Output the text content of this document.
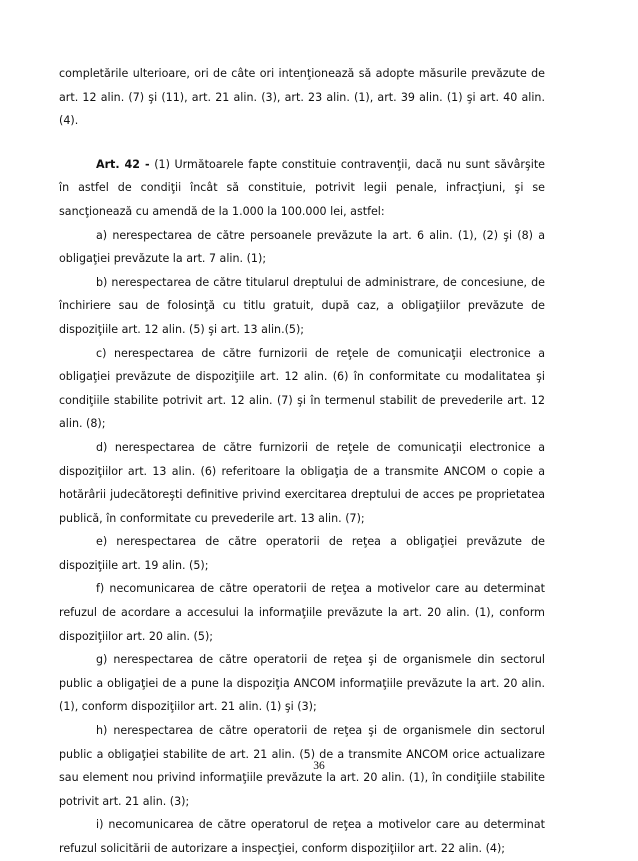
completările ulterioare, ori de câte ori intenţionează să adopte măsurile prevăzute de art. 12 alin. (7) şi (11), art. 21 alin. (3), art. 23 alin. (1), art. 39 alin. (1) şi art. 40 alin. (4).

Art. 42 - (1) Următoarele fapte constituie contravenţii, dacă nu sunt săvârşite în astfel de condiţii încât să constituie, potrivit legii penale, infracţiuni, şi se sancţionează cu amendă de la 1.000 la 100.000 lei, astfel:

a) nerespectarea de către persoanele prevăzute la art. 6 alin. (1), (2) şi (8) a obligaţiei prevăzute la art. 7 alin. (1);

b) nerespectarea de către titularul dreptului de administrare, de concesiune, de închiriere sau de folosinţă cu titlu gratuit, după caz, a obligaţiilor prevăzute de dispoziţiile art. 12 alin. (5) şi art. 13 alin.(5);

c) nerespectarea de către furnizorii de reţele de comunicaţii electronice a obligaţiei prevăzute de dispoziţiile art. 12 alin. (6) în conformitate cu modalitatea şi condiţiile stabilite potrivit art. 12 alin. (7) şi în termenul stabilit de prevederile art. 12 alin. (8);

d) nerespectarea de către furnizorii de reţele de comunicaţii electronice a dispoziţiilor art. 13 alin. (6) referitoare la obligaţia de a transmite ANCOM o copie a hotărârii judecătoreşti definitive privind exercitarea dreptului de acces pe proprietatea publică, în conformitate cu prevederile art. 13 alin. (7);

e) nerespectarea de către operatorii de reţea a obligaţiei prevăzute de dispoziţiile art. 19 alin. (5);

f) necomunicarea de către operatorii de reţea a motivelor care au determinat refuzul de acordare a accesului la informaţiile prevăzute la art. 20 alin. (1), conform dispoziţiilor art. 20 alin. (5);

g) nerespectarea de către operatorii de reţea şi de organismele din sectorul public a obligaţiei de a pune la dispoziţia ANCOM informaţiile prevăzute la art. 20 alin. (1), conform dispoziţiilor art. 21 alin. (1) şi (3);

h) nerespectarea de către operatorii de reţea şi de organismele din sectorul public a obligaţiei stabilite de art. 21 alin. (5) de a transmite ANCOM orice actualizare sau element nou privind informaţiile prevăzute la art. 20 alin. (1), în condiţiile stabilite potrivit art. 21 alin. (3);

i) necomunicarea de către operatorul de reţea a motivelor care au determinat refuzul solicitării de autorizare a inspecţiei, conform dispoziţiilor art. 22 alin. (4);

36
